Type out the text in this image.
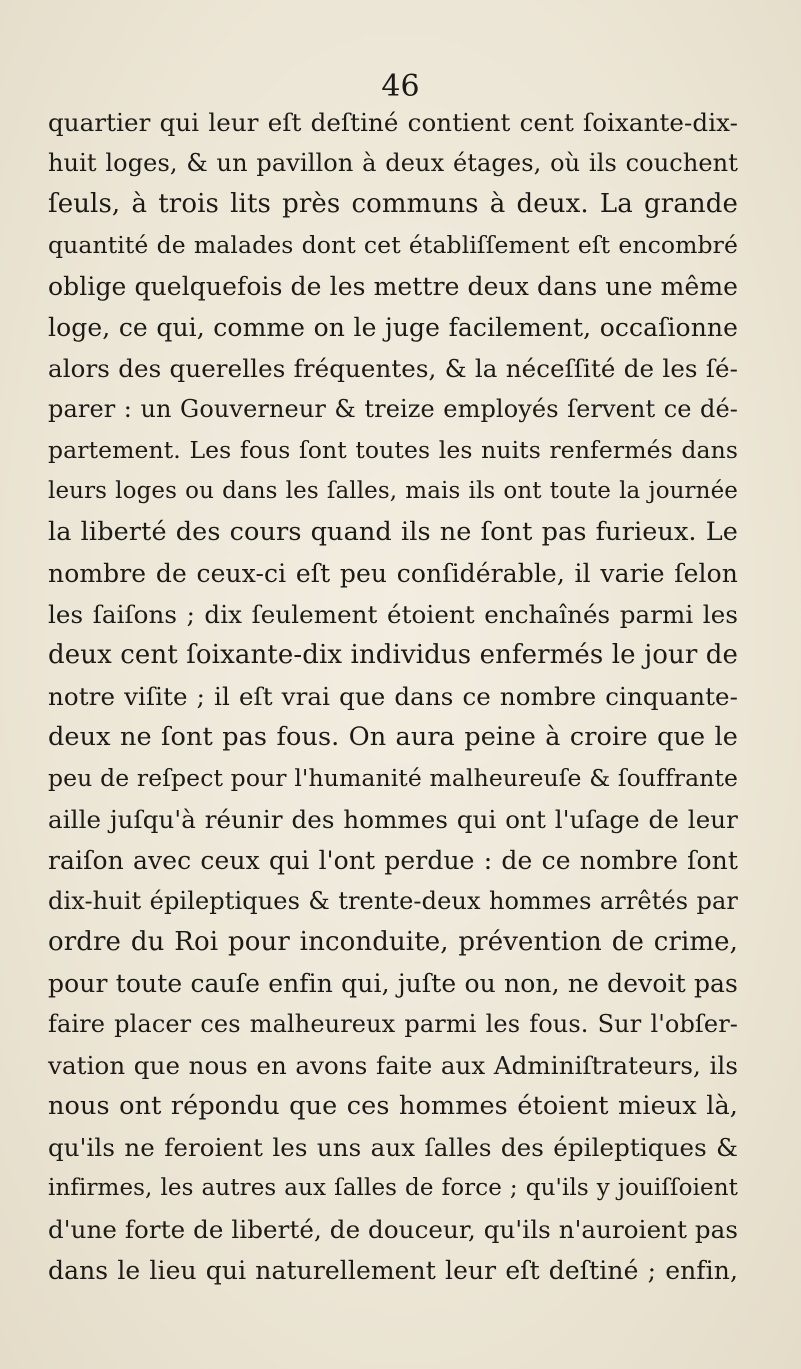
46
quartier qui leur eſt deſtiné contient cent ſoixante-dix-
huit loges, & un pavillon à deux étages, où ils couchent
ſeuls, à trois lits près communs à deux. La grande
quantité de malades dont cet établiſſement eſt encombré
oblige quelquefois de les mettre deux dans une même
loge, ce qui, comme on le juge facilement, occaſionne
alors des querelles fréquentes, & la néceſſité de les ſé-
parer : un Gouverneur & treize employés ſervent ce dé-
partement. Les fous ſont toutes les nuits renfermés dans
leurs loges ou dans les ſalles, mais ils ont toute la journée
la liberté des cours quand ils ne ſont pas furieux. Le
nombre de ceux-ci eſt peu conſidérable, il varie ſelon
les ſaiſons ; dix ſeulement étoient enchaînés parmi les
deux cent ſoixante-dix individus enfermés le jour de
notre viſite ; il eſt vrai que dans ce nombre cinquante-
deux ne ſont pas fous. On aura peine à croire que le
peu de reſpect pour l'humanité malheureuſe & ſouffrante
aille juſqu'à réunir des hommes qui ont l'uſage de leur
raiſon avec ceux qui l'ont perdue : de ce nombre ſont
dix-huit épileptiques & trente-deux hommes arrêtés par
ordre du Roi pour inconduite, prévention de crime,
pour toute cauſe enfin qui, juſte ou non, ne devoit pas
faire placer ces malheureux parmi les fous. Sur l'obſer-
vation que nous en avons faite aux Adminiſtrateurs, ils
nous ont répondu que ces hommes étoient mieux là,
qu'ils ne feroient les uns aux ſalles des épileptiques &
infirmes, les autres aux ſalles de force ; qu'ils y jouiſſoient
d'une forte de liberté, de douceur, qu'ils n'auroient pas
dans le lieu qui naturellement leur eſt deſtiné ; enfin,
